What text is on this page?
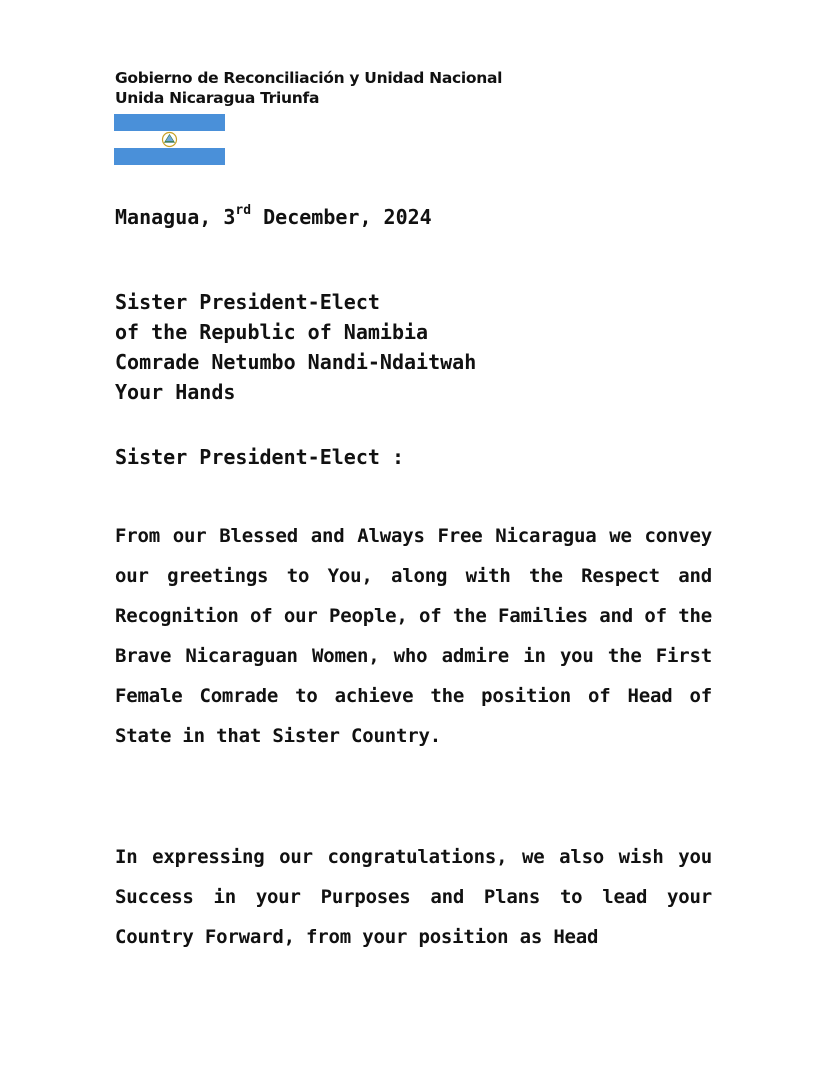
Gobierno de Reconciliación y Unidad Nacional
Unida Nicaragua Triunfa
Managua, 3rd December, 2024
Sister President-Elect
of the Republic of Namibia
Comrade Netumbo Nandi-Ndaitwah
Your Hands
Sister President-Elect :
From our Blessed and Always Free Nicaragua we convey our greetings to You, along with the Respect and Recognition of our People, of the Families and of the Brave Nicaraguan Women, who admire in you the First Female Comrade to achieve the position of Head of State in that Sister Country.
In expressing our congratulations, we also wish you Success in your Purposes and Plans to lead your Country Forward, from your position as Head
